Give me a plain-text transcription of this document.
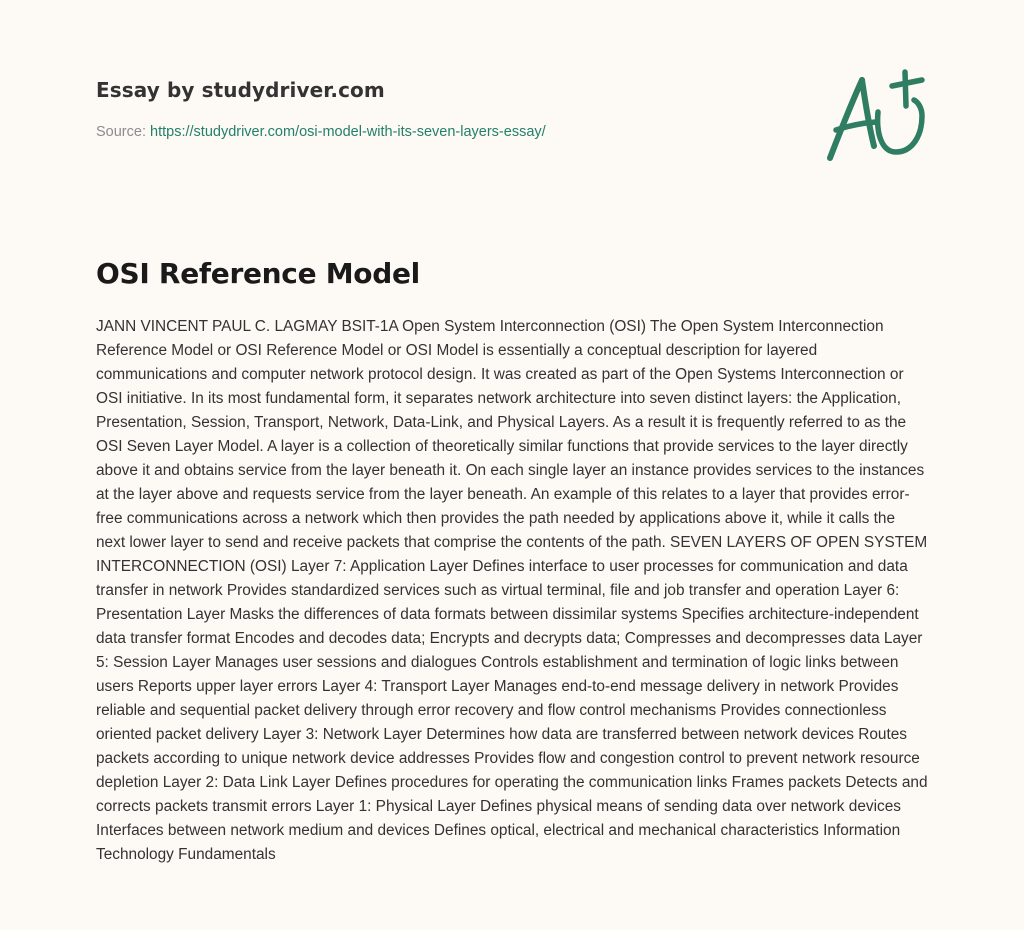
Essay by studydriver.com
Source: https://studydriver.com/osi-model-with-its-seven-layers-essay/
OSI Reference Model

JANN VINCENT PAUL C. LAGMAY BSIT-1A Open System Interconnection (OSI) The Open System Interconnection Reference Model or OSI Reference Model or OSI Model is essentially a conceptual description for layered communications and computer network protocol design. It was created as part of the Open Systems Interconnection or OSI initiative. In its most fundamental form, it separates network architecture into seven distinct layers: the Application, Presentation, Session, Transport, Network, Data-Link, and Physical Layers. As a result it is frequently referred to as the OSI Seven Layer Model. A layer is a collection of theoretically similar functions that provide services to the layer directly above it and obtains service from the layer beneath it. On each single layer an instance provides services to the instances at the layer above and requests service from the layer beneath. An example of this relates to a layer that provides error-free communications across a network which then provides the path needed by applications above it, while it calls the next lower layer to send and receive packets that comprise the contents of the path. SEVEN LAYERS OF OPEN SYSTEM INTERCONNECTION (OSI) Layer 7: Application Layer Defines interface to user processes for communication and data transfer in network Provides standardized services such as virtual terminal, file and job transfer and operation Layer 6: Presentation Layer Masks the differences of data formats between dissimilar systems Specifies architecture-independent data transfer format Encodes and decodes data; Encrypts and decrypts data; Compresses and decompresses data Layer 5: Session Layer Manages user sessions and dialogues Controls establishment and termination of logic links between users Reports upper layer errors Layer 4: Transport Layer Manages end-to-end message delivery in network Provides reliable and sequential packet delivery through error recovery and flow control mechanisms Provides connectionless oriented packet delivery Layer 3: Network Layer Determines how data are transferred between network devices Routes packets according to unique network device addresses Provides flow and congestion control to prevent network resource depletion Layer 2: Data Link Layer Defines procedures for operating the communication links Frames packets Detects and corrects packets transmit errors Layer 1: Physical Layer Defines physical means of sending data over network devices Interfaces between network medium and devices Defines optical, electrical and mechanical characteristics Information Technology Fundamentals
